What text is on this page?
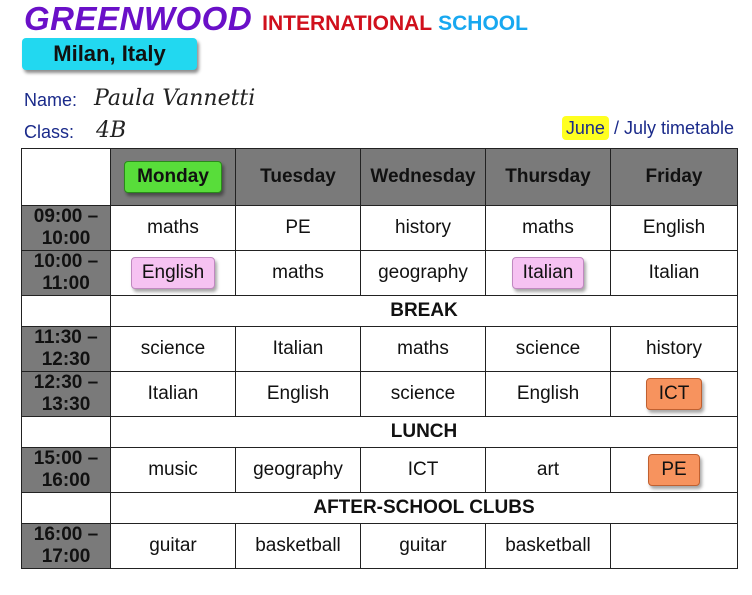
GREENWOOD INTERNATIONAL SCHOOL
Milan, Italy
Name: Paula Vannetti
Class: 4B	June / July timetable
	Monday	Tuesday	Wednesday	Thursday	Friday
09:00 – 10:00	maths	PE	history	maths	English
10:00 – 11:00	English	maths	geography	Italian	Italian
	BREAK				
11:30 – 12:30	science	Italian	maths	science	history
12:30 – 13:30	Italian	English	science	English	ICT
	LUNCH				
15:00 – 16:00	music	geography	ICT	art	PE
	AFTER-SCHOOL CLUBS				
16:00 – 17:00	guitar	basketball	guitar	basketball	
